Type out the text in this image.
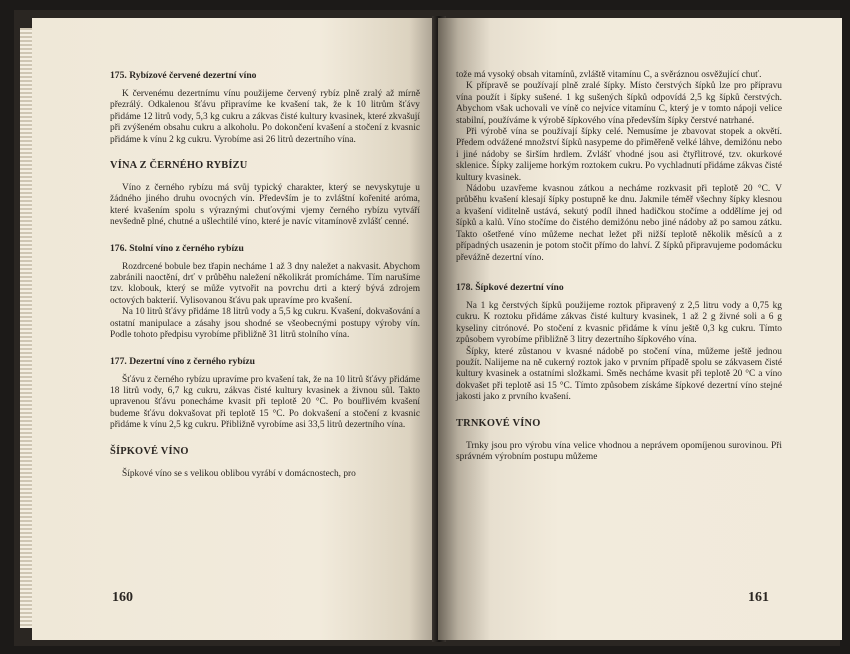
175. Rybízové červené dezertní víno

K červenému dezertnímu vínu použijeme červený rybíz plně zralý až mírně přezrálý. Odkalenou šťávu připravíme ke kvašení tak, že k 10 litrům šťávy přidáme 12 litrů vody, 5,3 kg cukru a zákvas čisté kultury kvasinek, které zkvašují při zvýšeném obsahu cukru a alkoholu. Po dokončení kvašení a stočení z kvasnic přidáme k vínu 2 kg cukru. Vyrobíme asi 26 litrů dezertního vína.

VÍNA Z ČERNÉHO RYBÍZU

Víno z černého rybízu má svůj typický charakter, který se nevyskytuje u žádného jiného druhu ovocných vín. Především je to zvláštní kořenité aróma, které kvašením spolu s výraznými chuťovými vjemy černého rybízu vytváří nevšedně plné, chutné a ušlechtilé víno, které je navíc vitamínově zvlášť cenné.

176. Stolní víno z černého rybízu

Rozdrcené bobule bez třapin necháme 1 až 3 dny naležet a nakvasit. Abychom zabránili naoctění, drť v průběhu naležení několikrát promícháme. Tím narušíme tzv. klobouk, který se může vytvořit na povrchu drti a který bývá zdrojem octových bakterií. Vylisovanou šťávu pak upravíme pro kvašení.

Na 10 litrů šťávy přidáme 18 litrů vody a 5,5 kg cukru. Kvašení, dokvašování a ostatní manipulace a zásahy jsou shodné se všeobecnými postupy výroby vín. Podle tohoto předpisu vyrobíme přibližně 31 litrů stolního vína.

177. Dezertní víno z černého rybízu

Šťávu z černého rybízu upravíme pro kvašení tak, že na 10 litrů šťávy přidáme 18 litrů vody, 6,7 kg cukru, zákvas čisté kultury kvasinek a živnou sůl. Takto upravenou šťávu ponecháme kvasit při teplotě 20 °C. Po bouřlivém kvašení budeme šťávu dokvašovat při teplotě 15 °C. Po dokvašení a stočení z kvasnic přidáme k vínu 2,5 kg cukru. Přibližně vyrobíme asi 33,5 litrů dezertního vína.

ŠÍPKOVÉ VÍNO

Šípkové víno se s velikou oblibou vyrábí v domácnostech, pro

160

tože má vysoký obsah vitamínů, zvláště vitamínu C, a svěráznou osvěžující chuť.

K přípravě se používají plně zralé šípky. Místo čerstvých šípků lze pro přípravu vína použít i šípky sušené. 1 kg sušených šípků odpovídá 2,5 kg šípků čerstvých. Abychom však uchovali ve víně co nejvíce vitamínu C, který je v tomto nápoji velice stabilní, používáme k výrobě šípkového vína především šípky čerstvé natrhané.

Při výrobě vína se používají šípky celé. Nemusíme je zbavovat stopek a okvětí. Předem odvážené množství šípků nasypeme do přiměřeně velké láhve, demižónu nebo i jiné nádoby se širším hrdlem. Zvlášť vhodné jsou asi čtyřlitrové, tzv. okurkové sklenice. Šípky zalijeme horkým roztokem cukru. Po vychladnutí přidáme zákvas čisté kultury kvasinek.

Nádobu uzavřeme kvasnou zátkou a necháme rozkvasit při teplotě 20 °C. V průběhu kvašení klesají šípky postupně ke dnu. Jakmile téměř všechny šípky klesnou a kvašení viditelně ustává, sekutý podíl ihned hadičkou stočíme a oddělíme jej od šípků a kalů. Víno stočíme do čistého demižónu nebo jiné nádoby až po samou zátku. Takto ošetřené víno můžeme nechat ležet při nižší teplotě několik měsíců a z případných usazenin je potom stočit přímo do lahví. Z šípků připravujeme podomácku převážně dezertní víno.

178. Šípkové dezertní víno

Na 1 kg čerstvých šípků použijeme roztok připravený z 2,5 litru vody a 0,75 kg cukru. K roztoku přidáme zákvas čisté kultury kvasinek, 1 až 2 g živné soli a 6 g kyseliny citrónové. Po stočení z kvasnic přidáme k vínu ještě 0,3 kg cukru. Tímto způsobem vyrobíme přibližně 3 litry dezertního šípkového vína.

Šípky, které zůstanou v kvasné nádobě po stočení vína, můžeme ještě jednou použít. Nalijeme na ně cukerný roztok jako v prvním případě spolu se zákvasem čisté kultury kvasinek a ostatními složkami. Směs necháme kvasit při teplotě 20 °C a víno dokvašet při teplotě asi 15 °C. Tímto způsobem získáme šípkové dezertní víno stejné jakosti jako z prvního kvašení.

TRNKOVÉ VÍNO

Trnky jsou pro výrobu vína velice vhodnou a neprávem opomíjenou surovinou. Při správném výrobním postupu můžeme

161
